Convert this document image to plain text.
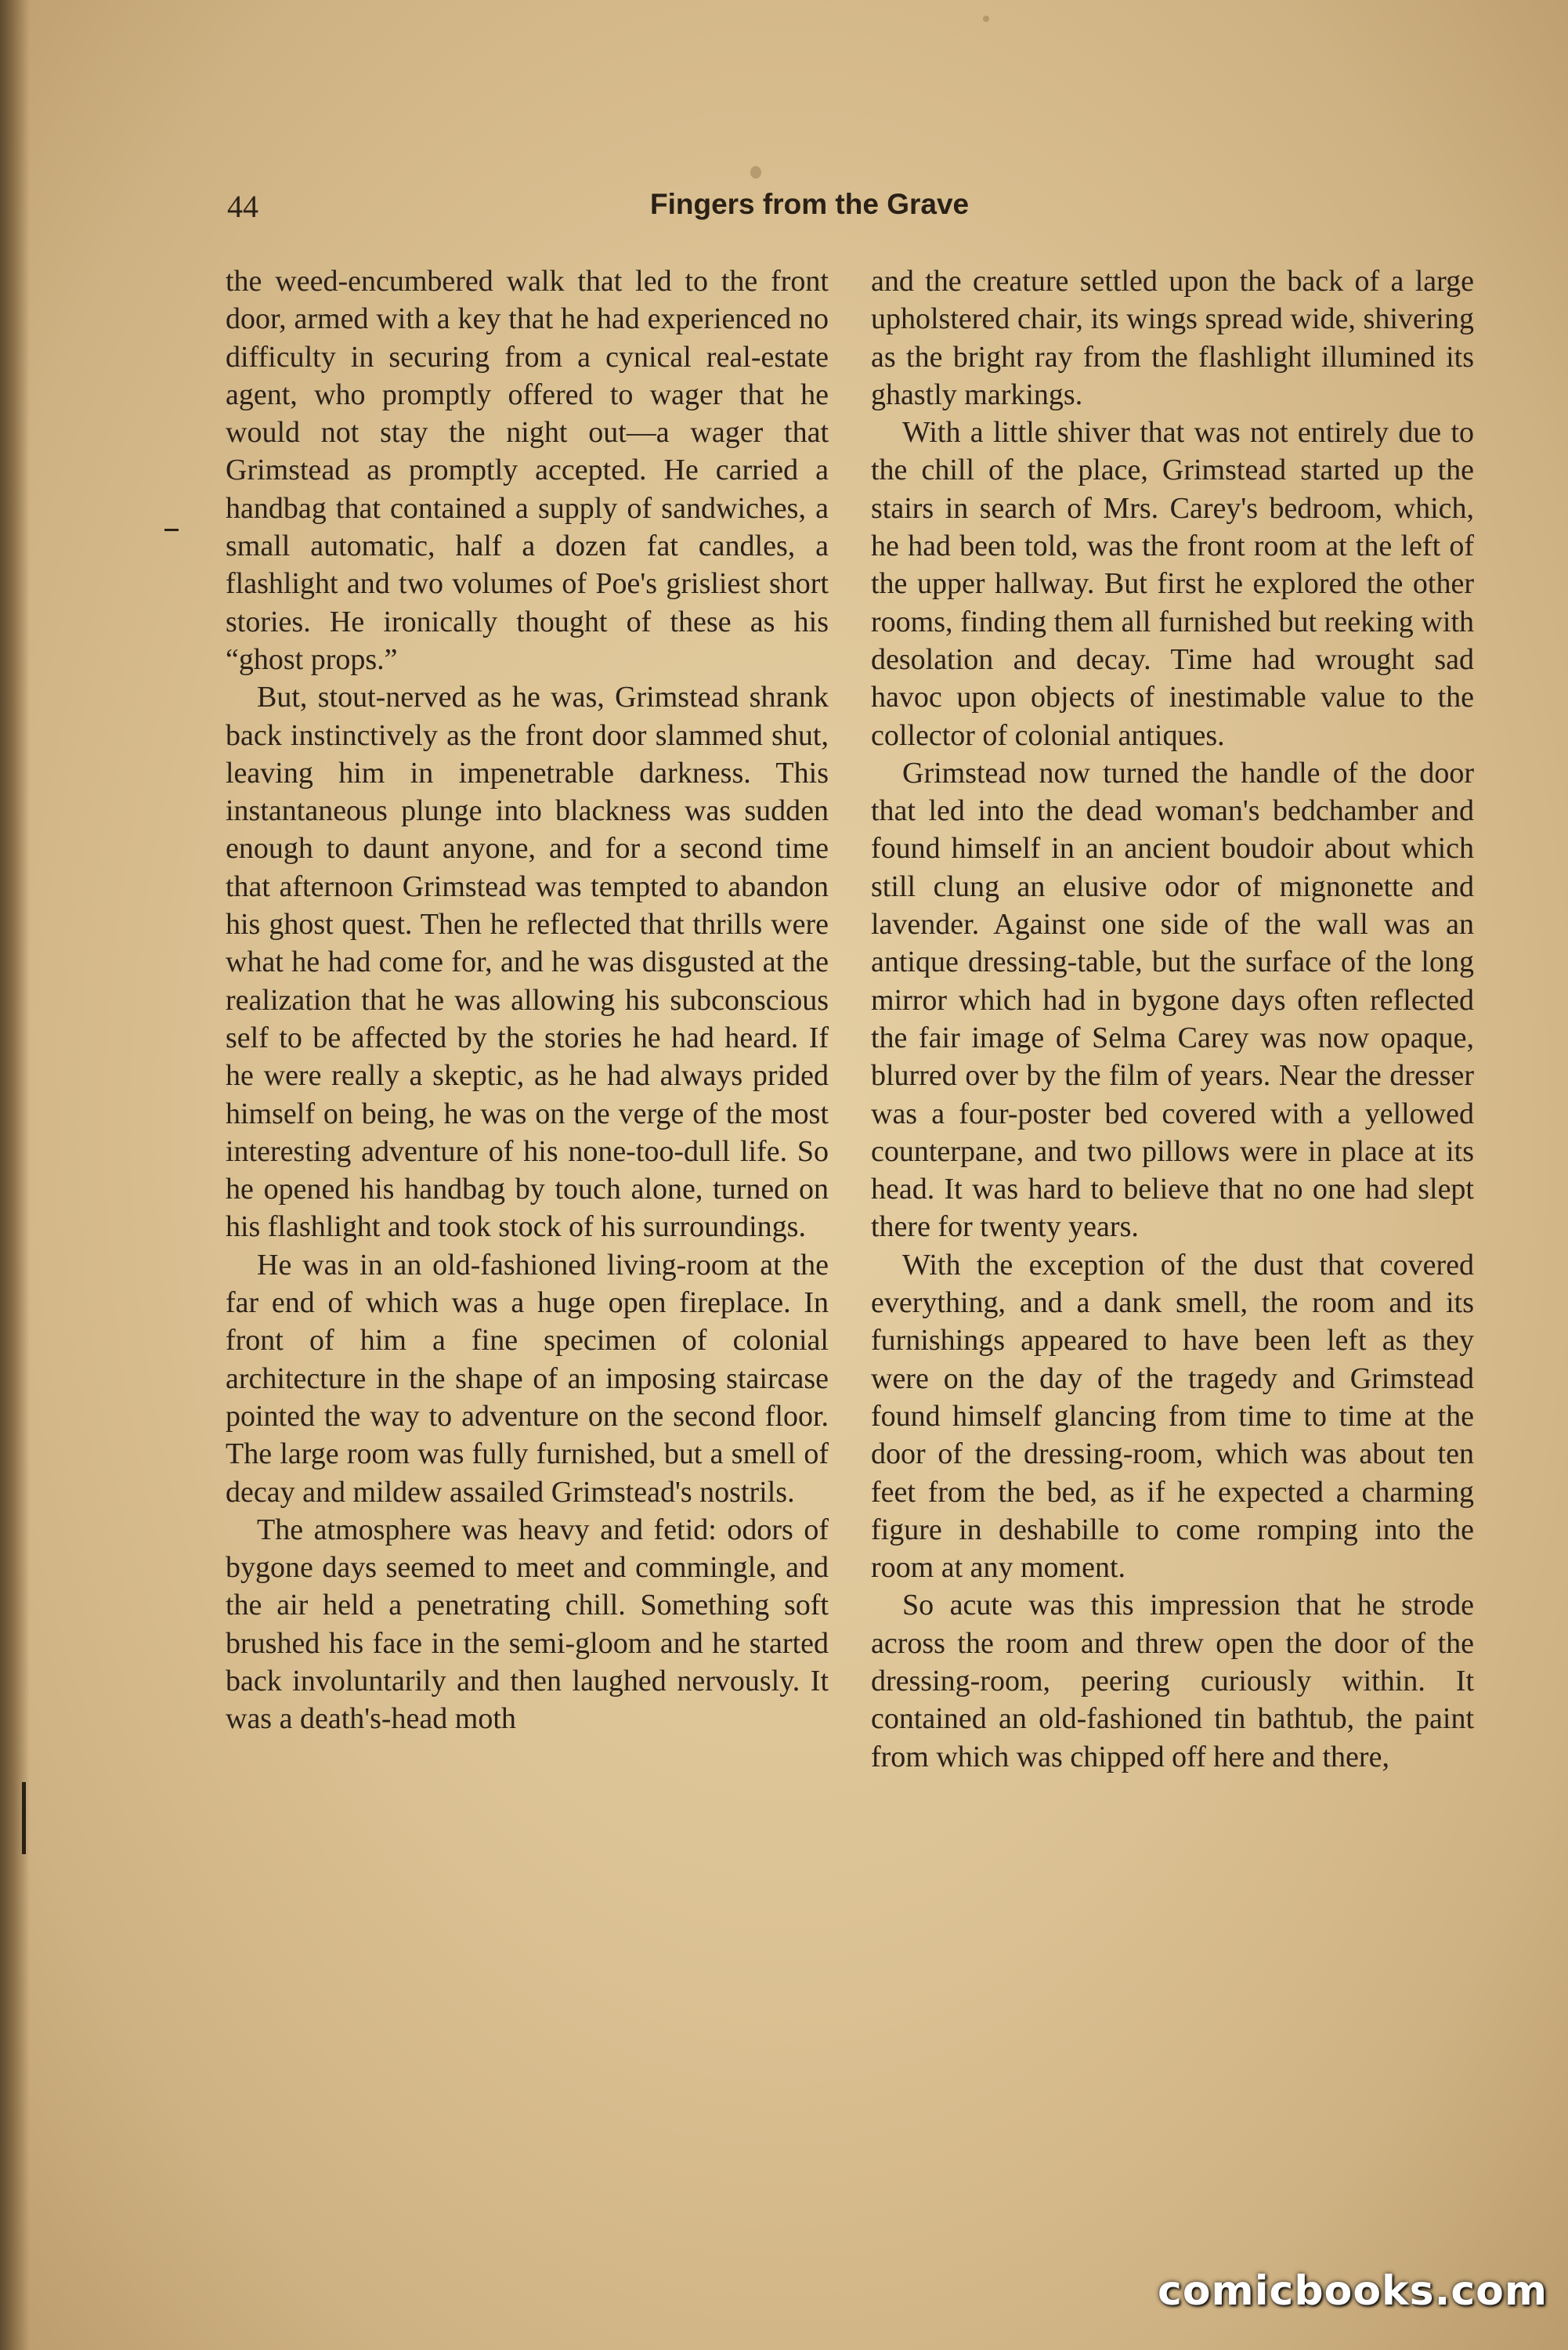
44	Fingers from the Grave

the weed-encumbered walk that led to the front door, armed with a key that he had experienced no difficulty in securing from a cynical real-estate agent, who promptly offered to wager that he would not stay the night out—a wager that Grimstead as promptly accepted. He carried a handbag that contained a supply of sandwiches, a small automatic, half a dozen fat candles, a flashlight and two volumes of Poe's grisliest short stories. He ironically thought of these as his “ghost props.”

But, stout-nerved as he was, Grimstead shrank back instinctively as the front door slammed shut, leaving him in impenetrable darkness. This instantaneous plunge into blackness was sudden enough to daunt anyone, and for a second time that afternoon Grimstead was tempted to abandon his ghost quest. Then he reflected that thrills were what he had come for, and he was disgusted at the realization that he was allowing his subconscious self to be affected by the stories he had heard. If he were really a skeptic, as he had always prided himself on being, he was on the verge of the most interesting adventure of his none-too-dull life. So he opened his handbag by touch alone, turned on his flashlight and took stock of his surroundings.

He was in an old-fashioned living-room at the far end of which was a huge open fireplace. In front of him a fine specimen of colonial architecture in the shape of an imposing staircase pointed the way to adventure on the second floor. The large room was fully furnished, but a smell of decay and mildew assailed Grimstead's nostrils.

The atmosphere was heavy and fetid: odors of bygone days seemed to meet and commingle, and the air held a penetrating chill. Something soft brushed his face in the semi-gloom and he started back involuntarily and then laughed nervously. It was a death's-head moth

and the creature settled upon the back of a large upholstered chair, its wings spread wide, shivering as the bright ray from the flashlight illumined its ghastly markings.

With a little shiver that was not entirely due to the chill of the place, Grimstead started up the stairs in search of Mrs. Carey's bedroom, which, he had been told, was the front room at the left of the upper hallway. But first he explored the other rooms, finding them all furnished but reeking with desolation and decay. Time had wrought sad havoc upon objects of inestimable value to the collector of colonial antiques.

Grimstead now turned the handle of the door that led into the dead woman's bedchamber and found himself in an ancient boudoir about which still clung an elusive odor of mignonette and lavender. Against one side of the wall was an antique dressing-table, but the surface of the long mirror which had in bygone days often reflected the fair image of Selma Carey was now opaque, blurred over by the film of years. Near the dresser was a four-poster bed covered with a yellowed counterpane, and two pillows were in place at its head. It was hard to believe that no one had slept there for twenty years.

With the exception of the dust that covered everything, and a dank smell, the room and its furnishings appeared to have been left as they were on the day of the tragedy and Grimstead found himself glancing from time to time at the door of the dressing-room, which was about ten feet from the bed, as if he expected a charming figure in deshabille to come romping into the room at any moment.

So acute was this impression that he strode across the room and threw open the door of the dressing-room, peering curiously within. It contained an old-fashioned tin bathtub, the paint from which was chipped off here and there,

comicbooks.com
